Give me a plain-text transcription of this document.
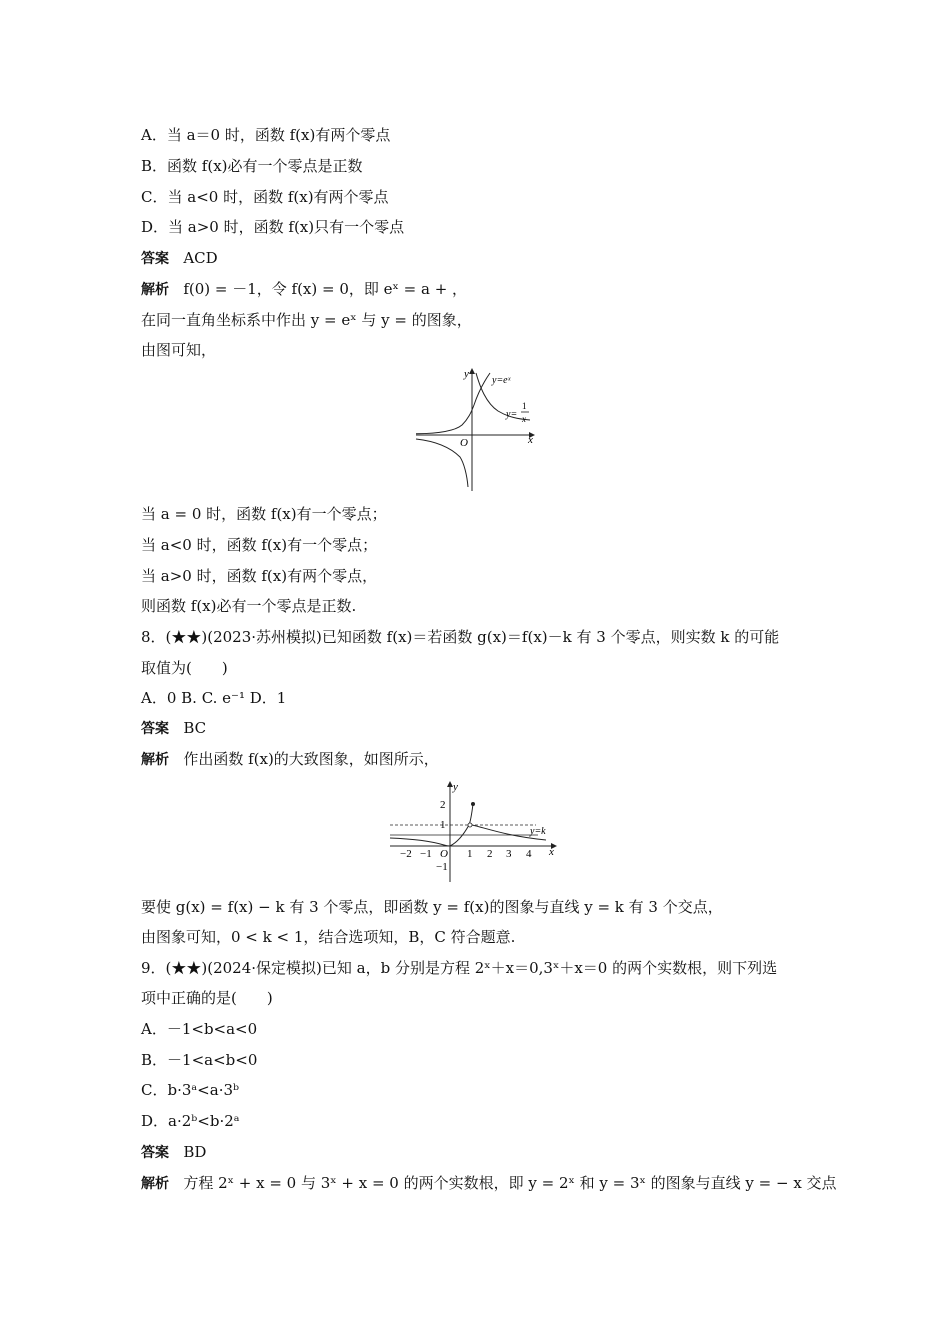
A．当 a＝0 时，函数 f(x)有两个零点
B．函数 f(x)必有一个零点是正数
C．当 a<0 时，函数 f(x)有两个零点
D．当 a>0 时，函数 f(x)只有一个零点
答案 ACD
解析 f(0) = －1，令 f(x) = 0，即 eˣ = a + ，
在同一直角坐标系中作出 y = eˣ 与 y = 的图象，
由图可知，
y
x
O
y=eˣ
y=
1
x
当 a = 0 时，函数 f(x)有一个零点；
当 a<0 时，函数 f(x)有一个零点；
当 a>0 时，函数 f(x)有两个零点，
则函数 f(x)必有一个零点是正数.
8．(★★)(2023·苏州模拟)已知函数 f(x)＝若函数 g(x)＝f(x)－k 有 3 个零点，则实数 k 的可能
取值为(　　)
A．0 B. C. e⁻¹ D．1
答案 BC
解析 作出函数 f(x)的大致图象，如图所示，
y
x
O
y=k
−2 −1	1 2 3 4
2
1
−1
要使 g(x) = f(x) − k 有 3 个零点，即函数 y = f(x)的图象与直线 y = k 有 3 个交点，
由图象可知，0 < k < 1，结合选项知，B，C 符合题意.
9．(★★)(2024·保定模拟)已知 a，b 分别是方程 2ˣ＋x＝0,3ˣ＋x＝0 的两个实数根，则下列选
项中正确的是(　　)
A．－1<b<a<0
B．－1<a<b<0
C．b·3ᵃ<a·3ᵇ
D．a·2ᵇ<b·2ᵃ
答案 BD
解析 方程 2ˣ + x = 0 与 3ˣ + x = 0 的两个实数根，即 y = 2ˣ 和 y = 3ˣ 的图象与直线 y = − x 交点
